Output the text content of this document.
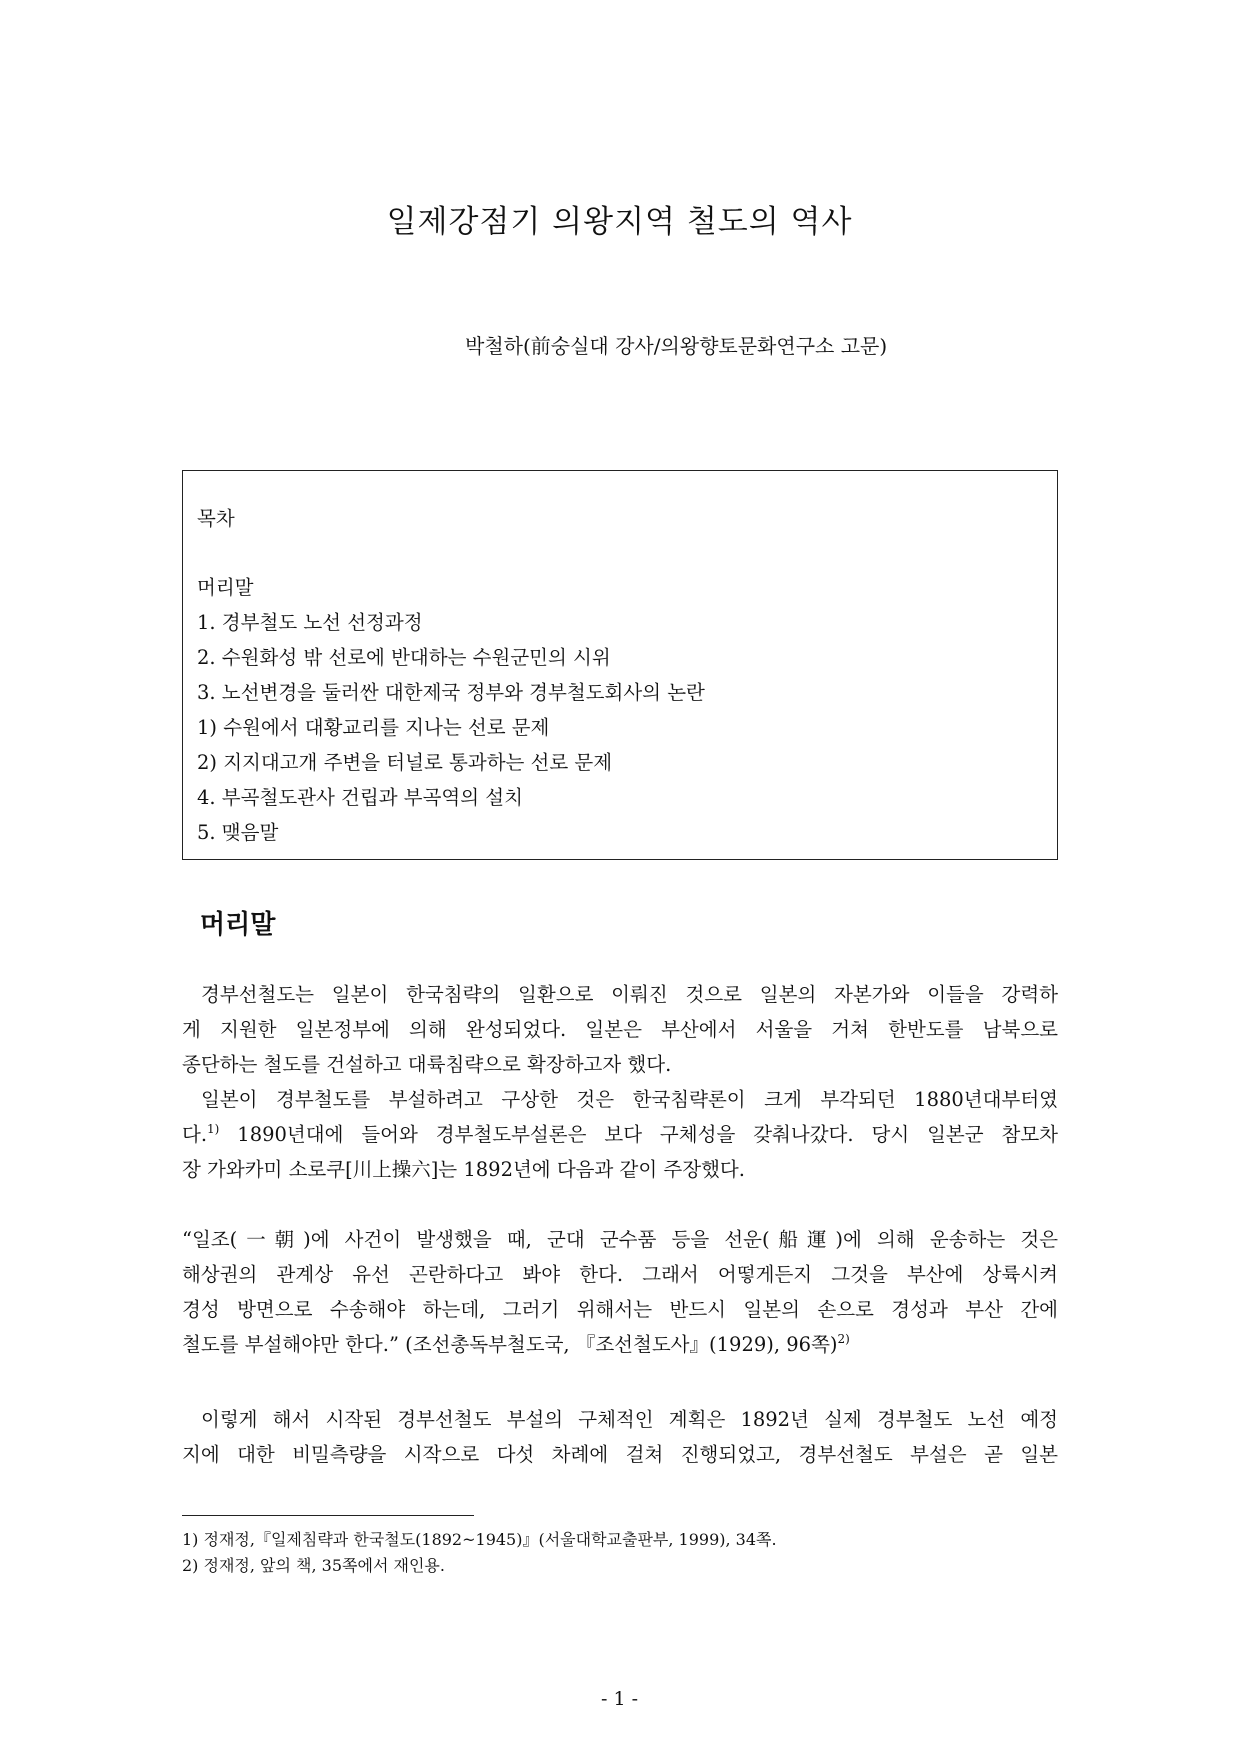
일제강점기 의왕지역 철도의 역사
박철하(前숭실대 강사/의왕향토문화연구소 고문)
목차
머리말
1. 경부철도 노선 선정과정
2. 수원화성 밖 선로에 반대하는 수원군민의 시위
3. 노선변경을 둘러싼 대한제국 정부와 경부철도회사의 논란
1) 수원에서 대황교리를 지나는 선로 문제
2) 지지대고개 주변을 터널로 통과하는 선로 문제
4. 부곡철도관사 건립과 부곡역의 설치
5. 맺음말
머리말
경부선철도는 일본이 한국침략의 일환으로 이뤄진 것으로 일본의 자본가와 이들을 강력하
게 지원한 일본정부에 의해 완성되었다. 일본은 부산에서 서울을 거쳐 한반도를 남북으로
종단하는 철도를 건설하고 대륙침략으로 확장하고자 했다.
일본이 경부철도를 부설하려고 구상한 것은 한국침략론이 크게 부각되던 1880년대부터였
다.$^{1)}$ 1890년대에 들어와 경부철도부설론은 보다 구체성을 갖춰나갔다. 당시 일본군 참모차
장 가와카미 소로쿠[川上操六]는 1892년에 다음과 같이 주장했다.
“일조(一朝)에 사건이 발생했을 때, 군대 군수품 등을 선운(船運)에 의해 운송하는 것은
해상권의 관계상 유선 곤란하다고 봐야 한다. 그래서 어떻게든지 그것을 부산에 상륙시켜
경성 방면으로 수송해야 하는데, 그러기 위해서는 반드시 일본의 손으로 경성과 부산 간에
철도를 부설해야만 한다.” (조선총독부철도국, 『조선철도사』(1929), 96쪽)$^{2)}$
이렇게 해서 시작된 경부선철도 부설의 구체적인 계획은 1892년 실제 경부철도 노선 예정
지에 대한 비밀측량을 시작으로 다섯 차례에 걸쳐 진행되었고, 경부선철도 부설은 곧 일본
1) 정재정,『일제침략과 한국철도(1892~1945)』(서울대학교출판부, 1999), 34쪽.
2) 정재정, 앞의 책, 35쪽에서 재인용.
- 1 -
